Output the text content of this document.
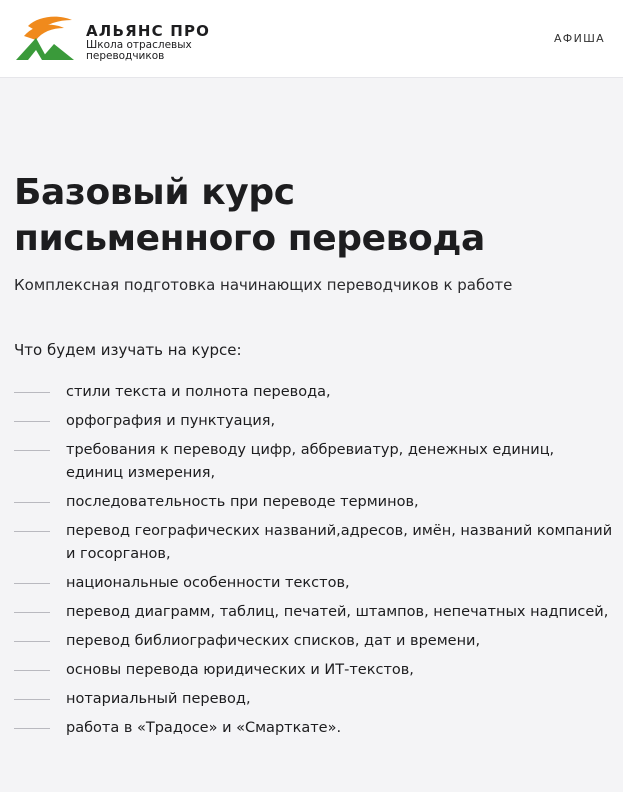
АЛЬЯНС ПРО
Школа отраслевых переводчиков
АФИША
Базовый курс
письменного перевода

Комплексная подготовка начинающих переводчиков к работе

Что будем изучать на курсе:

стили текста и полнота перевода,
орфография и пунктуация,
требования к переводу цифр, аббревиатур, денежных единиц, единиц измерения,
последовательность при переводе терминов,
перевод географических названий,адресов, имён, названий компаний и госорганов,
национальные особенности текстов,
перевод диаграмм, таблиц, печатей, штампов, непечатных надписей,
перевод библиографических списков, дат и времени,
основы перевода юридических и ИТ-текстов,
нотариальный перевод,
работа в «Традосе» и «Смарткате».
